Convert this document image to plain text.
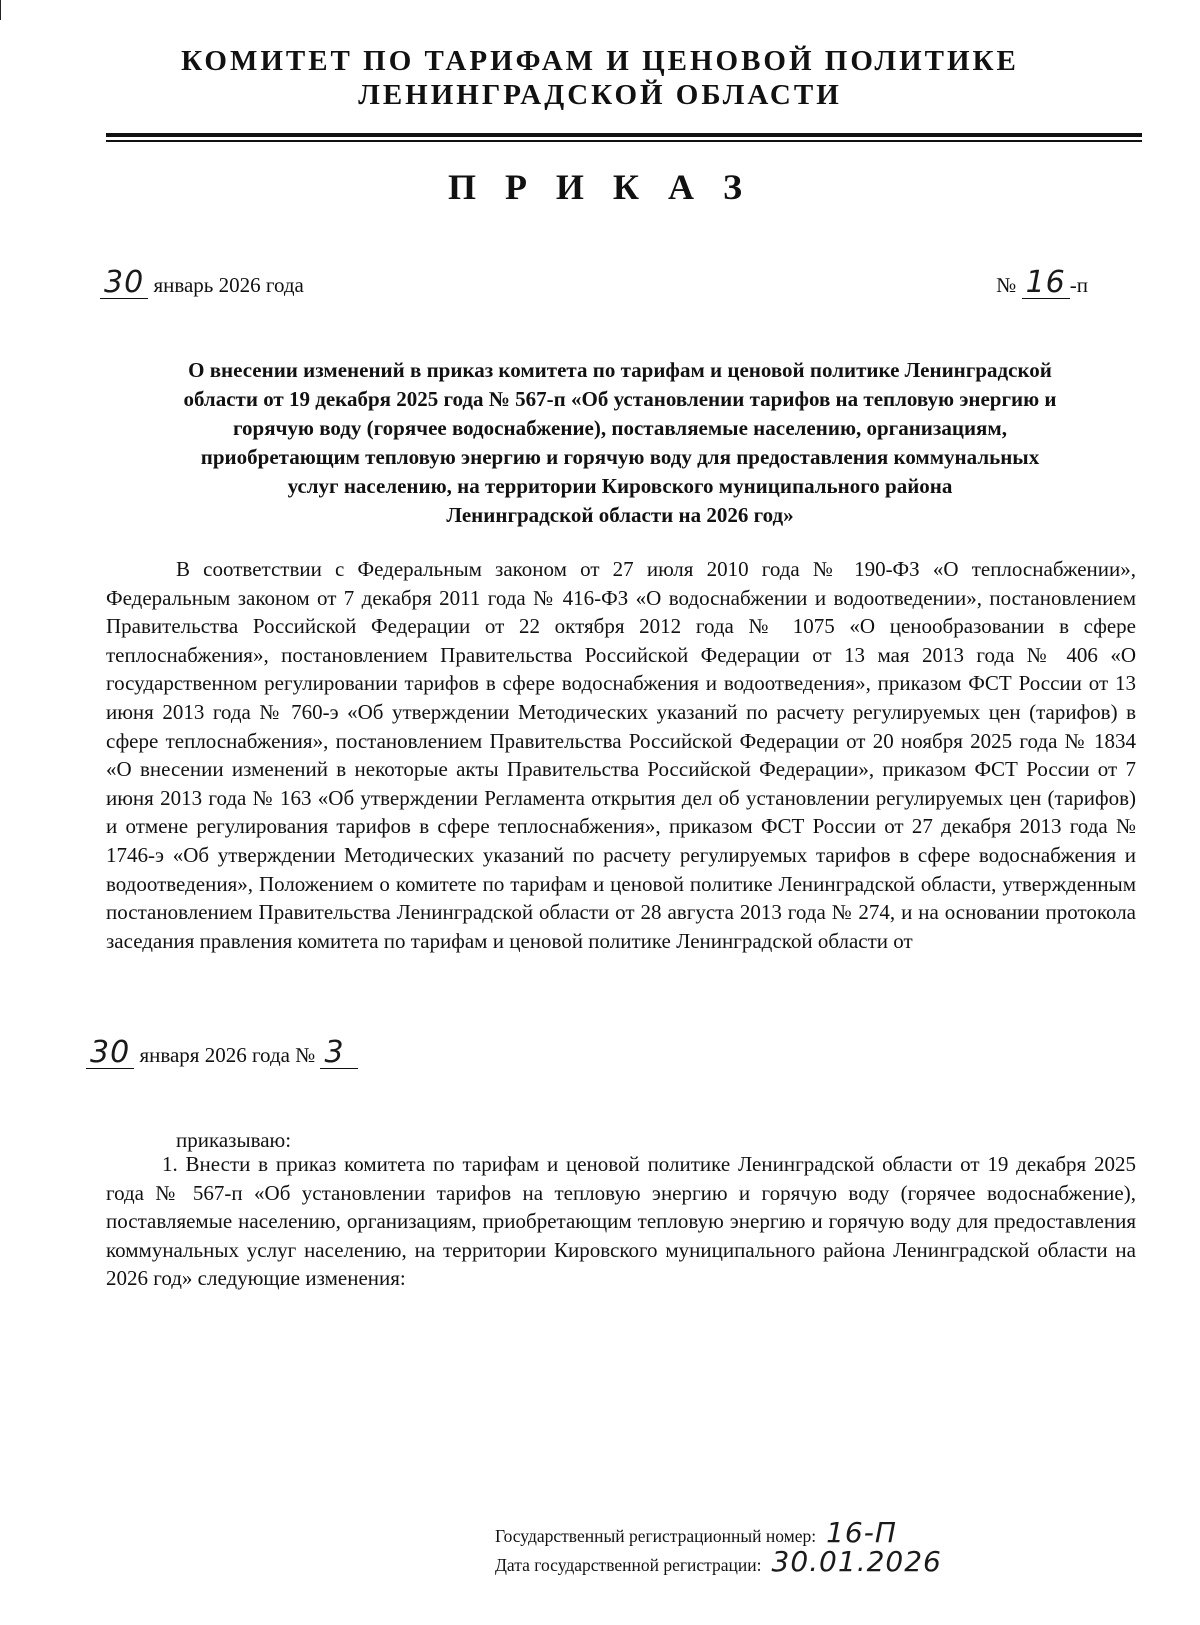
КОМИТЕТ ПО ТАРИФАМ И ЦЕНОВОЙ ПОЛИТИКЕ
ЛЕНИНГРАДСКОЙ ОБЛАСТИ
П Р И К А З
30 январь 2026 года	№ 16 -п
О внесении изменений в приказ комитета по тарифам и ценовой политике Ленинградской
области от 19 декабря 2025 года № 567-п «Об установлении тарифов на тепловую энергию и
горячую воду (горячее водоснабжение), поставляемые населению, организациям,
приобретающим тепловую энергию и горячую воду для предоставления коммунальных
услуг населению, на территории Кировского муниципального района
Ленинградской области на 2026 год»
В соответствии с Федеральным законом от 27 июля 2010 года № 190-ФЗ «О теплоснабжении», Федеральным законом от 7 декабря 2011 года № 416-ФЗ «О водоснабжении и водоотведении», постановлением Правительства Российской Федерации от 22 октября 2012 года № 1075 «О ценообразовании в сфере теплоснабжения», постановлением Правительства Российской Федерации от 13 мая 2013 года № 406 «О государственном регулировании тарифов в сфере водоснабжения и водоотведения», приказом ФСТ России от 13 июня 2013 года № 760-э «Об утверждении Методических указаний по расчету регулируемых цен (тарифов) в сфере теплоснабжения», постановлением Правительства Российской Федерации от 20 ноября 2025 года № 1834 «О внесении изменений в некоторые акты Правительства Российской Федерации», приказом ФСТ России от 7 июня 2013 года № 163 «Об утверждении Регламента открытия дел об установлении регулируемых цен (тарифов) и отмене регулирования тарифов в сфере теплоснабжения», приказом ФСТ России от 27 декабря 2013 года № 1746-э «Об утверждении Методических указаний по расчету регулируемых тарифов в сфере водоснабжения и водоотведения», Положением о комитете по тарифам и ценовой политике Ленинградской области, утвержденным постановлением Правительства Ленинградской области от 28 августа 2013 года № 274, и на основании протокола заседания правления комитета по тарифам и ценовой политике Ленинградской области от
30 января 2026 года № 3
приказываю:
1. Внести в приказ комитета по тарифам и ценовой политике Ленинградской области от 19 декабря 2025 года № 567-п «Об установлении тарифов на тепловую энергию и горячую воду (горячее водоснабжение), поставляемые населению, организациям, приобретающим тепловую энергию и горячую воду для предоставления коммунальных услуг населению, на территории Кировского муниципального района Ленинградской области на 2026 год» следующие изменения:
Государственный регистрационный номер: 16-П
Дата государственной регистрации: 30.01.2026
